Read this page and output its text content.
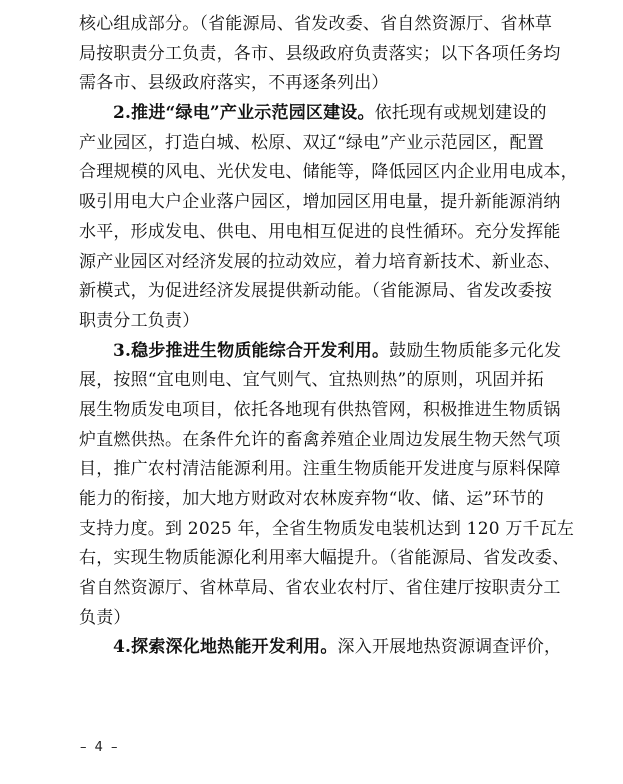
核心组成部分。（省能源局、省发改委、省自然资源厅、省林草
局按职责分工负责，各市、县级政府负责落实；以下各项任务均
需各市、县级政府落实，不再逐条列出）
2.推进“绿电”产业示范园区建设。依托现有或规划建设的
产业园区，打造白城、松原、双辽“绿电”产业示范园区，配置
合理规模的风电、光伏发电、储能等，降低园区内企业用电成本，
吸引用电大户企业落户园区，增加园区用电量，提升新能源消纳
水平，形成发电、供电、用电相互促进的良性循环。充分发挥能
源产业园区对经济发展的拉动效应，着力培育新技术、新业态、
新模式，为促进经济发展提供新动能。（省能源局、省发改委按
职责分工负责）
3.稳步推进生物质能综合开发利用。鼓励生物质能多元化发
展，按照“宜电则电、宜气则气、宜热则热”的原则，巩固并拓
展生物质发电项目，依托各地现有供热管网，积极推进生物质锅
炉直燃供热。在条件允许的畜禽养殖企业周边发展生物天然气项
目，推广农村清洁能源利用。注重生物质能开发进度与原料保障
能力的衔接，加大地方财政对农林废弃物“收、储、运”环节的
支持力度。到 2025 年，全省生物质发电装机达到 120 万千瓦左
右，实现生物质能源化利用率大幅提升。（省能源局、省发改委、
省自然资源厅、省林草局、省农业农村厅、省住建厅按职责分工
负责）
4.探索深化地热能开发利用。深入开展地热资源调查评价，
– 4 –
